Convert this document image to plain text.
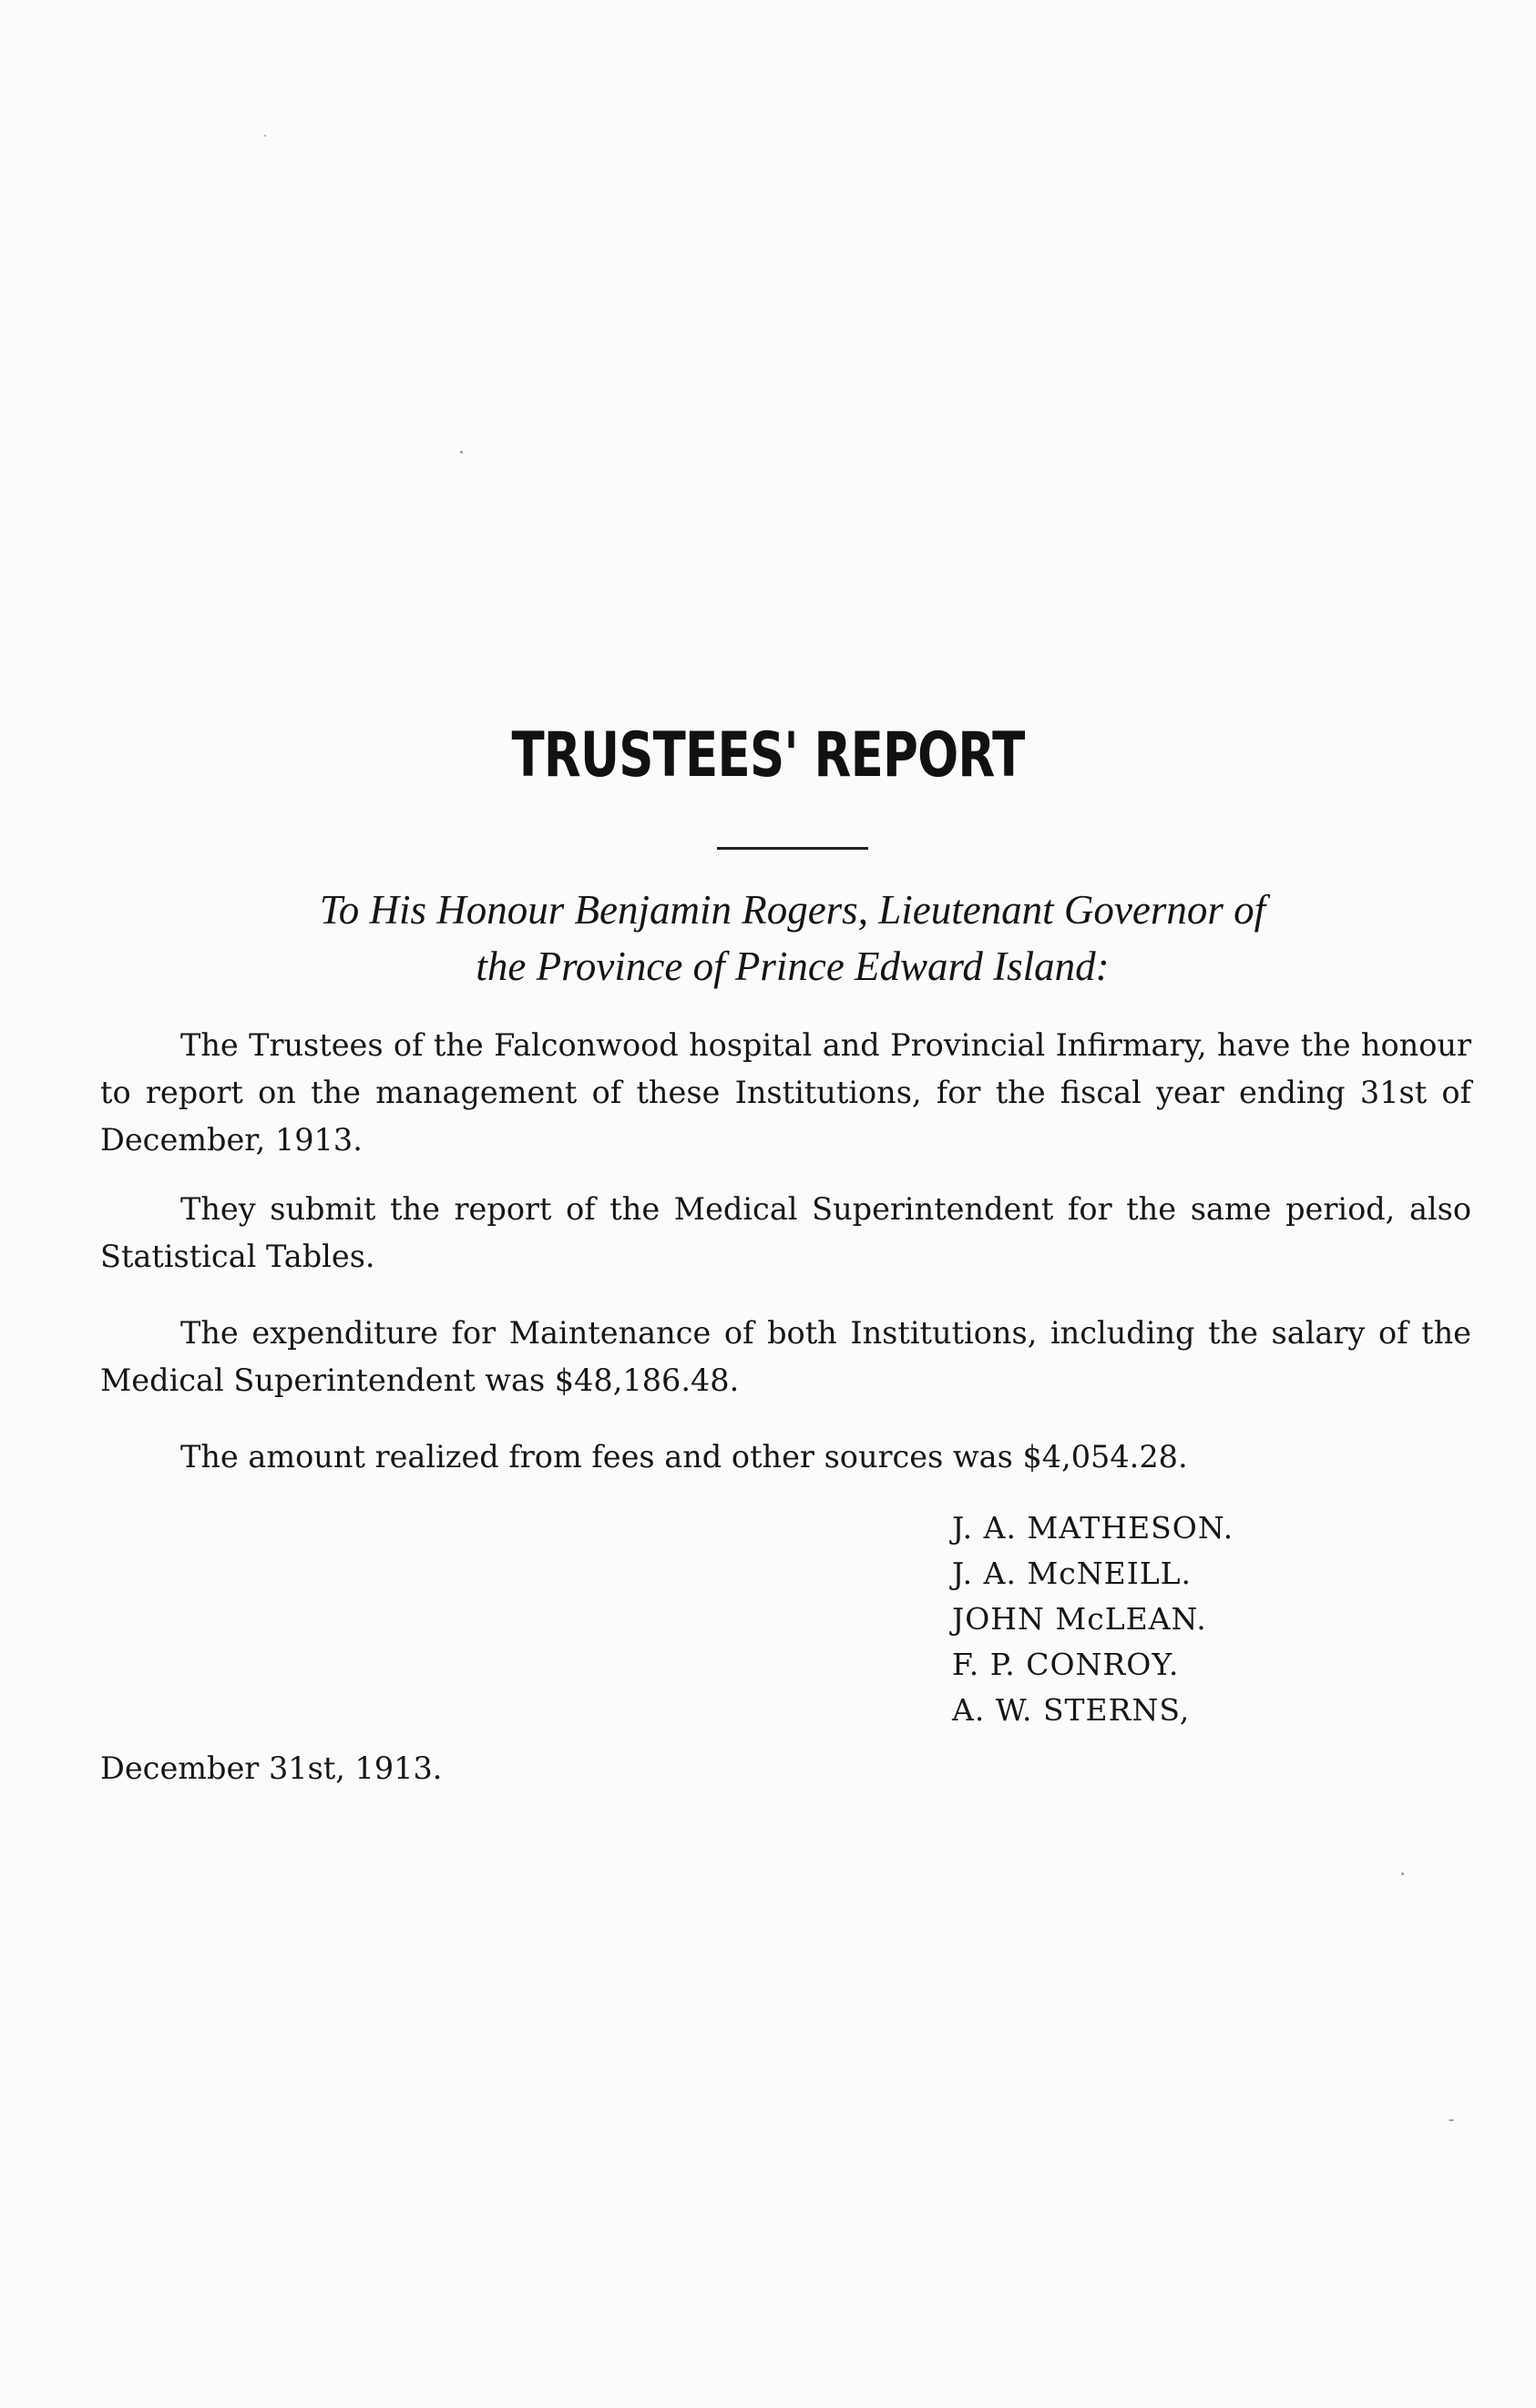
TRUSTEES' REPORT

To His Honour Benjamin Rogers, Lieutenant Governor of
the Province of Prince Edward Island:

The Trustees of the Falconwood hospital and Provincial Infirmary, have the honour to report on the management of these Institutions, for the fiscal year ending 31st of December, 1913.

They submit the report of the Medical Superintendent for the same period, also Statistical Tables.

The expenditure for Maintenance of both Institutions, including the salary of the Medical Superintendent was $48,186.48.

The amount realized from fees and other sources was $4,054.28.

J. A. MATHESON.
J. A. McNEILL.
JOHN McLEAN.
F. P. CONROY.
A. W. STERNS,

December 31st, 1913.
